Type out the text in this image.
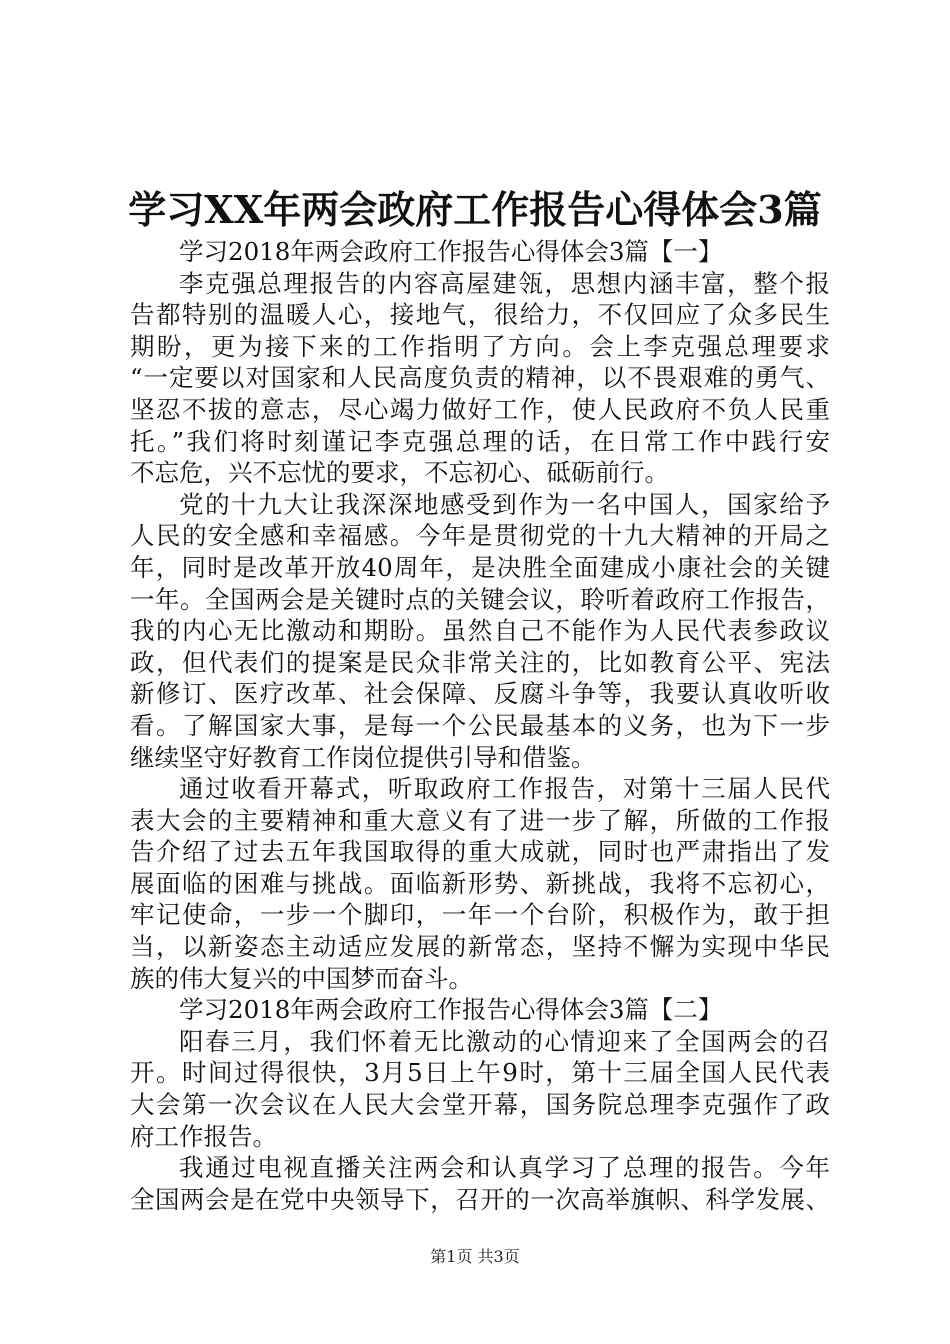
学习XX年两会政府工作报告心得体会3篇
学习2018年两会政府工作报告心得体会3篇【一】
李克强总理报告的内容高屋建瓴，思想内涵丰富，整个报
告都特别的温暖人心，接地气，很给力，不仅回应了众多民生
期盼，更为接下来的工作指明了方向。会上李克强总理要求
“一定要以对国家和人民高度负责的精神，以不畏艰难的勇气、
坚忍不拔的意志，尽心竭力做好工作，使人民政府不负人民重
托。”我们将时刻谨记李克强总理的话，在日常工作中践行安
不忘危，兴不忘忧的要求，不忘初心、砥砺前行。
党的十九大让我深深地感受到作为一名中国人，国家给予
人民的安全感和幸福感。今年是贯彻党的十九大精神的开局之
年，同时是改革开放40周年，是决胜全面建成小康社会的关键
一年。全国两会是关键时点的关键会议，聆听着政府工作报告，
我的内心无比激动和期盼。虽然自己不能作为人民代表参政议
政，但代表们的提案是民众非常关注的，比如教育公平、宪法
新修订、医疗改革、社会保障、反腐斗争等，我要认真收听收
看。了解国家大事，是每一个公民最基本的义务，也为下一步
继续坚守好教育工作岗位提供引导和借鉴。
通过收看开幕式，听取政府工作报告，对第十三届人民代
表大会的主要精神和重大意义有了进一步了解，所做的工作报
告介绍了过去五年我国取得的重大成就，同时也严肃指出了发
展面临的困难与挑战。面临新形势、新挑战，我将不忘初心，
牢记使命，一步一个脚印，一年一个台阶，积极作为，敢于担
当，以新姿态主动适应发展的新常态，坚持不懈为实现中华民
族的伟大复兴的中国梦而奋斗。
学习2018年两会政府工作报告心得体会3篇【二】
阳春三月，我们怀着无比激动的心情迎来了全国两会的召
开。时间过得很快，3月5日上午9时，第十三届全国人民代表
大会第一次会议在人民大会堂开幕，国务院总理李克强作了政
府工作报告。
我通过电视直播关注两会和认真学习了总理的报告。今年
全国两会是在党中央领导下，召开的一次高举旗帜、科学发展、
第1页 共3页
